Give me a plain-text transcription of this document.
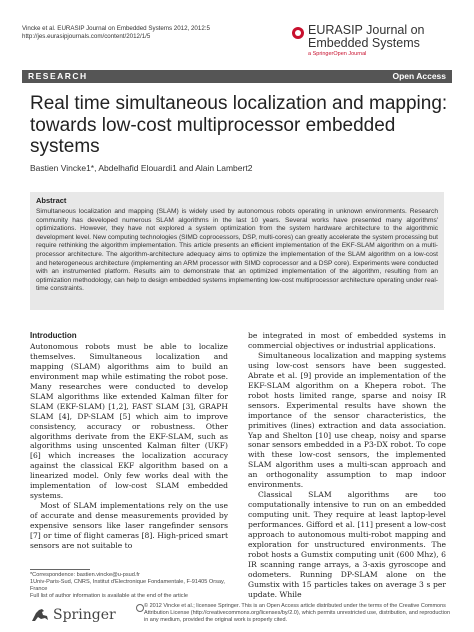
Vincke et al. EURASIP Journal on Embedded Systems 2012, 2012:5
http://jes.eurasipjournals.com/content/2012/1/5	EURASIP Journal on
Embedded Systems
a SpringerOpen Journal
RESEARCH	Open Access
Real time simultaneous localization and mapping: towards low-cost multiprocessor embedded systems
Bastien Vincke1*, Abdelhafid Elouardi1 and Alain Lambert2
Abstract
Simultaneous localization and mapping (SLAM) is widely used by autonomous robots operating in unknown environments. Research community has developed numerous SLAM algorithms in the last 10 years. Several works have presented many algorithms' optimizations. However, they have not explored a system optimization from the system hardware architecture to the algorithmic development level. New computing technologies (SIMD coprocessors, DSP, multi-cores) can greatly accelerate the system processing but require rethinking the algorithm implementation. This article presents an efficient implementation of the EKF-SLAM algorithm on a multi-processor architecture. The algorithm-architecture adequacy aims to optimize the implementation of the SLAM algorithm on a low-cost and heterogeneous architecture (implementing an ARM processor with SIMD coprocessor and a DSP core). Experiments were conducted with an instrumented platform. Results aim to demonstrate that an optimized implementation of the algorithm, resulting from an optimization methodology, can help to design embedded systems implementing low-cost multiprocessor architecture operating under real-time constraints.
Introduction

Autonomous robots must be able to localize themselves. Simultaneous localization and mapping (SLAM) algorithms aim to build an environment map while estimating the robot pose. Many researches were conducted to develop SLAM algorithms like extended Kalman filter for SLAM (EKF-SLAM) [1,2], FAST SLAM [3], GRAPH SLAM [4], DP-SLAM [5] which aim to improve consistency, accuracy or robustness. Other algorithms derivate from the EKF-SLAM, such as algorithms using unscented Kalman filter (UKF) [6] which increases the localization accuracy against the classical EKF algorithm based on a linearized model. Only few works deal with the implementation of low-cost SLAM embedded systems.

Most of SLAM implementations rely on the use of accurate and dense measurements provided by expensive sensors like laser rangefinder sensors [7] or time of flight cameras [8]. High-priced smart sensors are not suitable to

be integrated in most of embedded systems in commercial objectives or industrial applications.

Simultaneous localization and mapping systems using low-cost sensors have been suggested. Abrate et al. [9] provide an implementation of the EKF-SLAM algorithm on a Khepera robot. The robot hosts limited range, sparse and noisy IR sensors. Experimental results have shown the importance of the sensor characteristics, the primitives (lines) extraction and data association. Yap and Shelton [10] use cheap, noisy and sparse sonar sensors embedded in a P3-DX robot. To cope with these low-cost sensors, the implemented SLAM algorithm uses a multi-scan approach and an orthogonality assumption to map indoor environments.

Classical SLAM algorithms are too computationally intensive to run on an embedded computing unit. They require at least laptop-level performances. Gifford et al. [11] present a low-cost approach to autonomous multi-robot mapping and exploration for unstructured environments. The robot hosts a Gumstix computing unit (600 Mhz), 6 IR scanning range arrays, a 3-axis gyroscope and odometers. Running DP-SLAM alone on the Gumstix with 15 particles takes on average 3 s per update. While

*Correspondence: bastien.vincke@u-psud.fr
1Univ-Paris-Sud, CNRS, Institut d'Electronique Fondamentale, F-91405 Orsay, France
Full list of author information is available at the end of the article
Springer
© 2012 Vincke et al.; licensee Springer. This is an Open Access article distributed under the terms of the Creative Commons Attribution License (http://creativecommons.org/licenses/by/2.0), which permits unrestricted use, distribution, and reproduction in any medium, provided the original work is properly cited.
